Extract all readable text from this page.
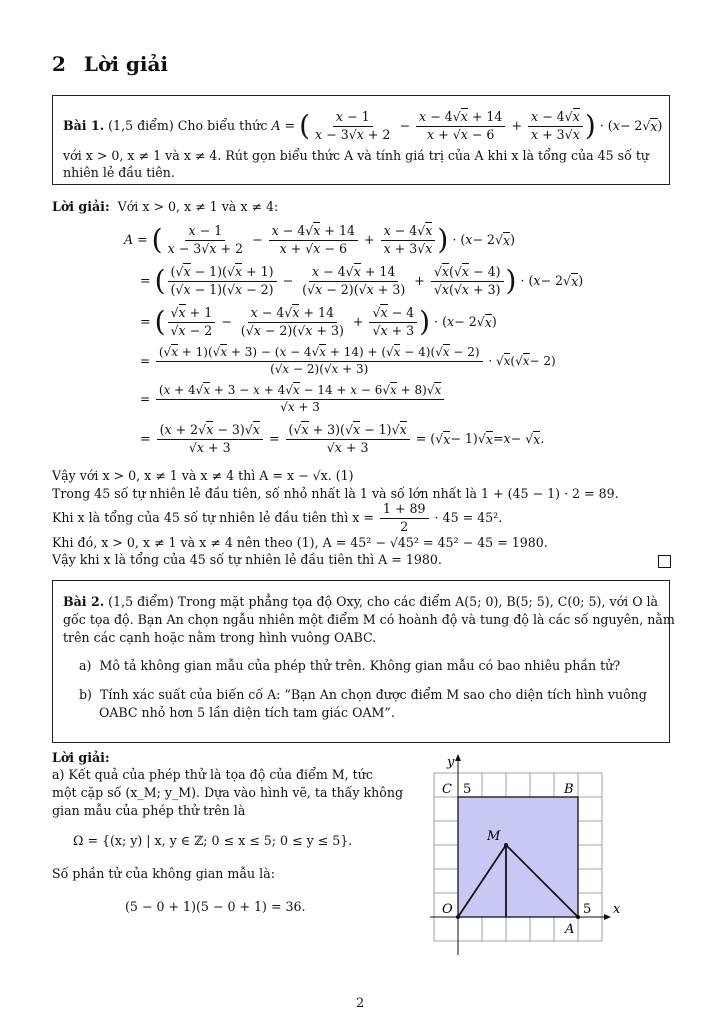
2 Lời giải
Bài 1.
(1,5 điểm)
Cho biểu thức
A = ( $\frac{x - 1}{x - 3√x + 2} - \frac{x - 4√x + 14}{x + √x - 6} + \frac{x - 4√x}{x + 3√x}$ ) · ( x − 2√ x )
với x > 0, x ≠ 1 và x ≠ 4. Rút gọn biểu thức A và tính giá trị của A khi x là tổng của 45 số tự
nhiên lẻ đầu tiên.
Lời giải: Với x > 0, x ≠ 1 và x ≠ 4:
A = ( $\frac{x - 1}{x - 3√x + 2} - \frac{x - 4√x + 14}{x + √x - 6} + \frac{x - 4√x}{x + 3√x}$ ) · ( x − 2√ x )
= ( $\frac{(√x - 1)(√x + 1)}{(√x - 1)(√x - 2)} - \frac{x - 4√x + 14}{(√x - 2)(√x + 3)} + \frac{√x(√x - 4)}{√x(√x + 3)}$ ) · ( x − 2√ x )
= ( $\frac{√x + 1}{√x - 2} - \frac{x - 4√x + 14}{(√x - 2)(√x + 3)} + \frac{√x - 4}{√x + 3}$ ) · ( x − 2√ x )
= $\frac{(√x + 1)(√x + 3) - (x - 4√x + 14) + (√x - 4)(√x - 2)}{(√x - 2)(√x + 3)}$ · √ x (√ x − 2)
= $\frac{(x + 4√x + 3 - x + 4√x - 14 + x - 6√x + 8)√x}{√x + 3}$
= $\frac{(x + 2√x - 3)√x}{√x + 3} = \frac{(√x + 3)(√x - 1)√x}{√x + 3}$ = (√ x − 1)√ x = x − √ x .
Vậy với x > 0, x ≠ 1 và x ≠ 4 thì A = x − √x. (1)
Trong 45 số tự nhiên lẻ đầu tiên, số nhỏ nhất là 1 và số lớn nhất là 1 + (45 − 1) · 2 = 89.
Khi x là tổng của 45 số tự nhiên lẻ đầu tiên thì x =
$\frac{1 + 89}{2}$
· 45 = 45².
Khi đó, x > 0, x ≠ 1 và x ≠ 4 nên theo (1), A = 45² − √45² = 45² − 45 = 1980.
Vậy khi x là tổng của 45 số tự nhiên lẻ đầu tiên thì A = 1980.
Bài 2. (1,5 điểm) Trong mặt phẳng tọa độ Oxy, cho các điểm A(5; 0), B(5; 5), C(0; 5), với O là
gốc tọa độ. Bạn An chọn ngẫu nhiên một điểm M có hoành độ và tung độ là các số nguyên, nằm
trên các cạnh hoặc nằm trong hình vuông OABC.
a) Mô tả không gian mẫu của phép thử trên. Không gian mẫu có bao nhiêu phần tử?
b) Tính xác suất của biến cố A: “Bạn An chọn được điểm M sao cho diện tích hình vuông
OABC nhỏ hơn 5 lần diện tích tam giác OAM”.
Lời giải:
a) Kết quả của phép thử là tọa độ của điểm M, tức
một cặp số (x_M; y_M). Dựa vào hình vẽ, ta thấy không
gian mẫu của phép thử trên là
Ω = {(x; y) | x, y ∈ ℤ; 0 ≤ x ≤ 5; 0 ≤ y ≤ 5}.
Số phần tử của không gian mẫu là:
(5 − 0 + 1)(5 − 0 + 1) = 36.
y
x
C 5	B
M
O	5
A
2
